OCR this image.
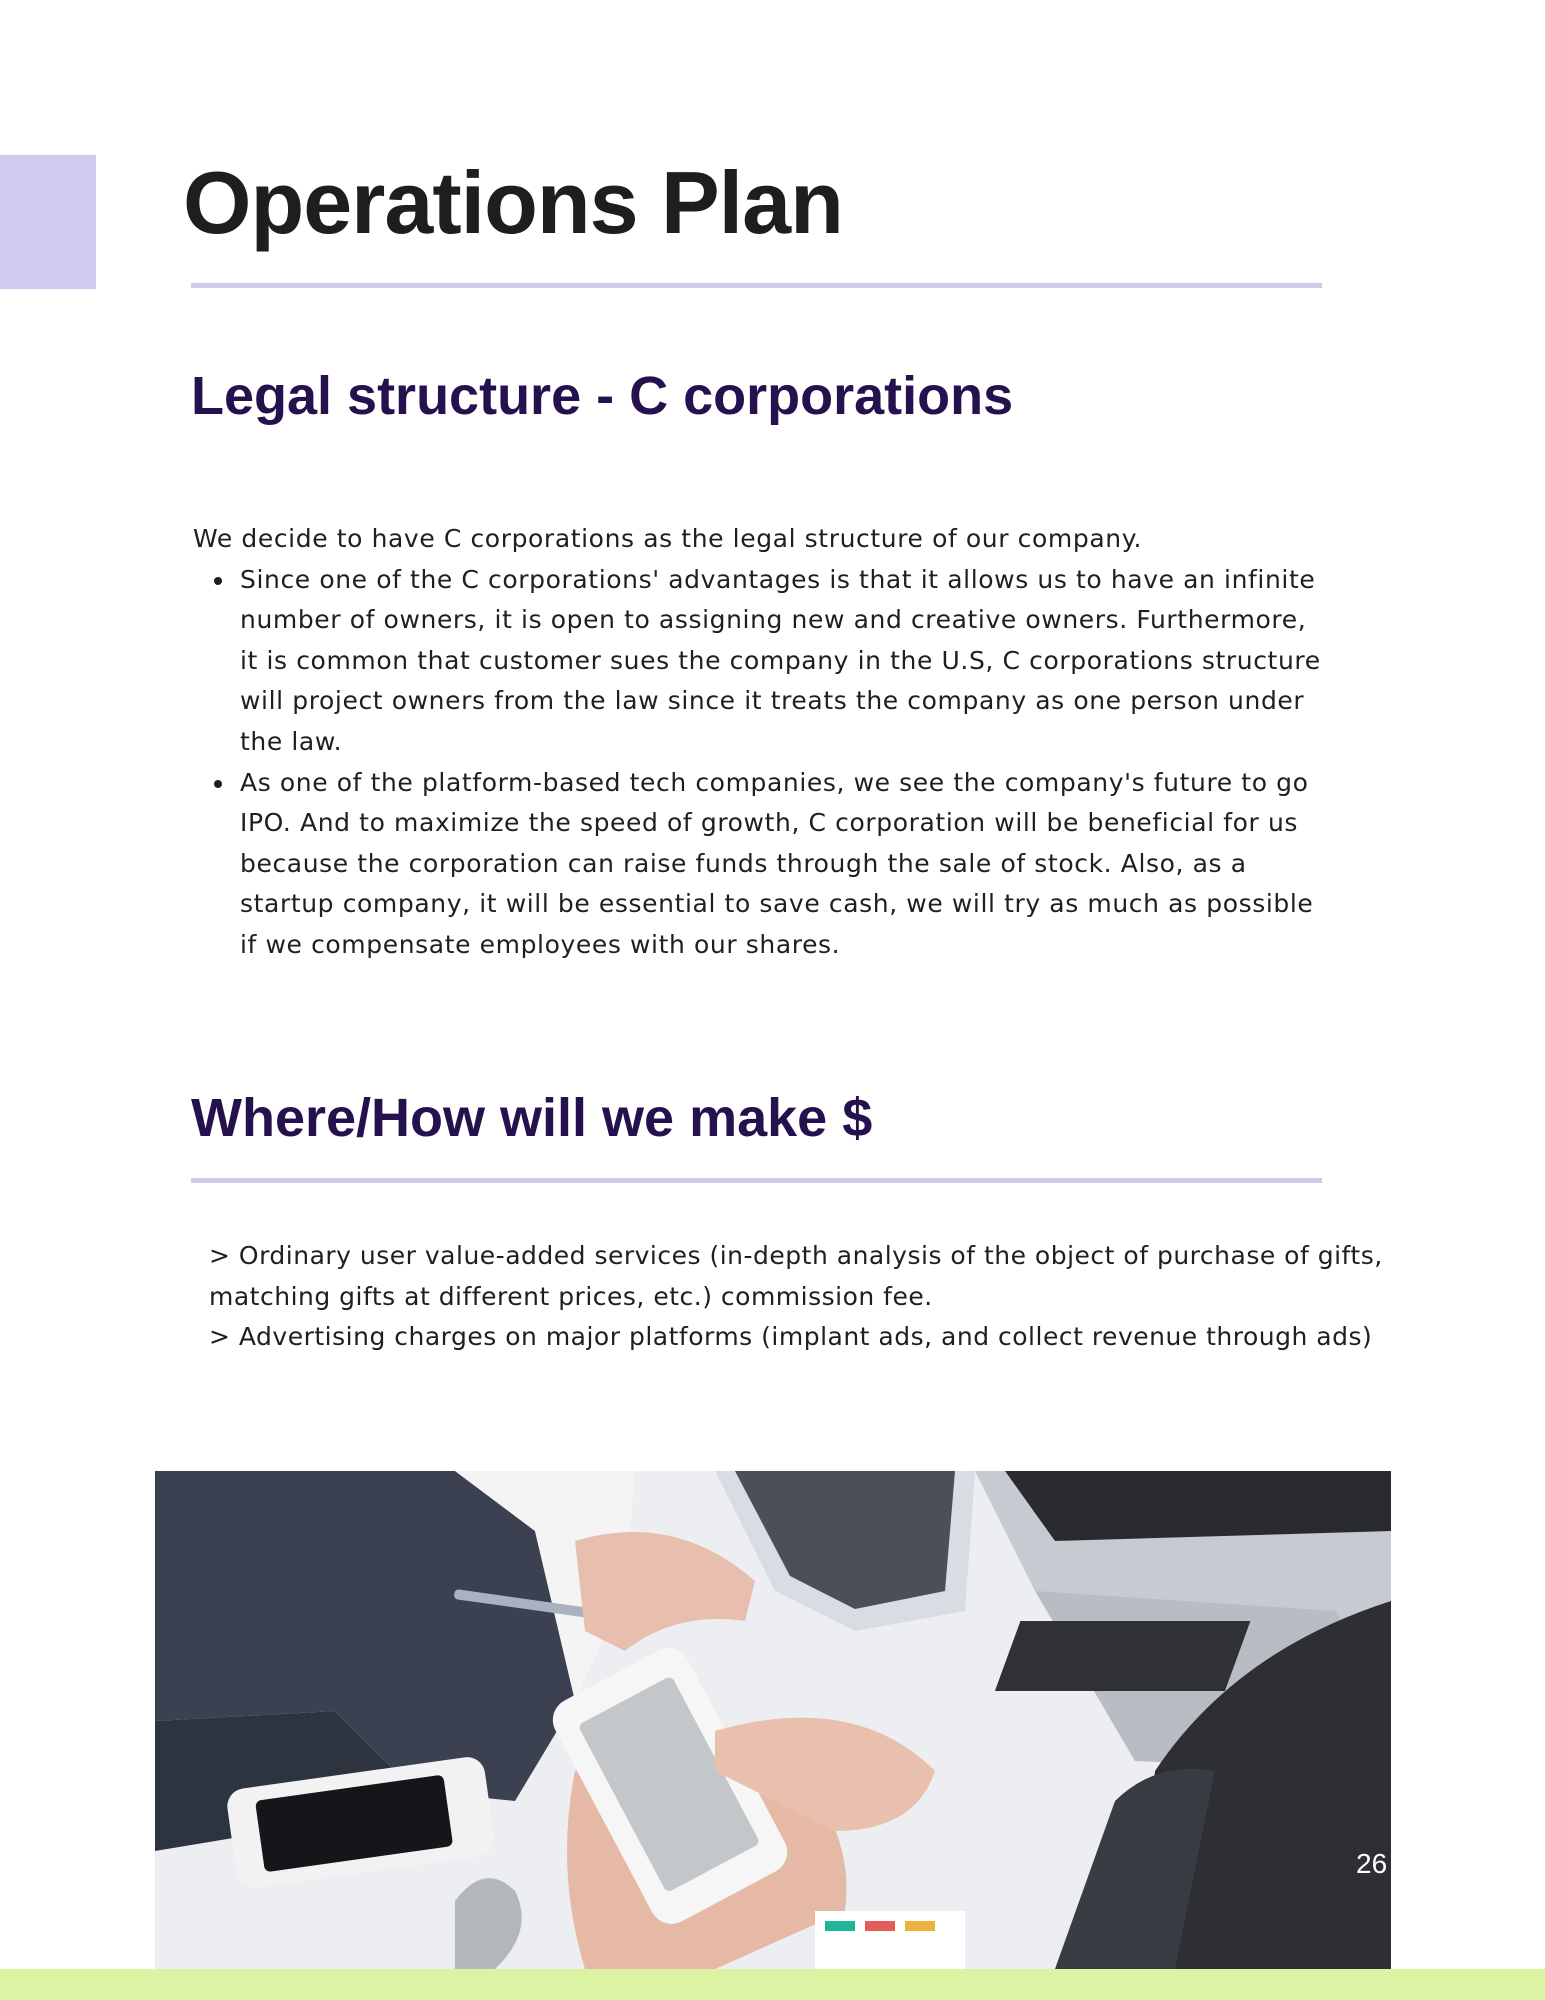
Operations Plan
Legal structure - C corporations

We decide to have C corporations as the legal structure of our company.

• Since one of the C corporations' advantages is that it allows us to have an infinite number of owners, it is open to assigning new and creative owners. Furthermore, it is common that customer sues the company in the U.S, C corporations structure will project owners from the law since it treats the company as one person under the law.
• As one of the platform-based tech companies, we see the company's future to go IPO. And to maximize the speed of growth, C corporation will be beneficial for us because the corporation can raise funds through the sale of stock. Also, as a startup company, it will be essential to save cash, we will try as much as possible if we compensate employees with our shares.
Where/How will we make $

> Ordinary user value-added services (in-depth analysis of the object of purchase of gifts, matching gifts at different prices, etc.) commission fee.

> Advertising charges on major platforms (implant ads, and collect revenue through ads)

26
